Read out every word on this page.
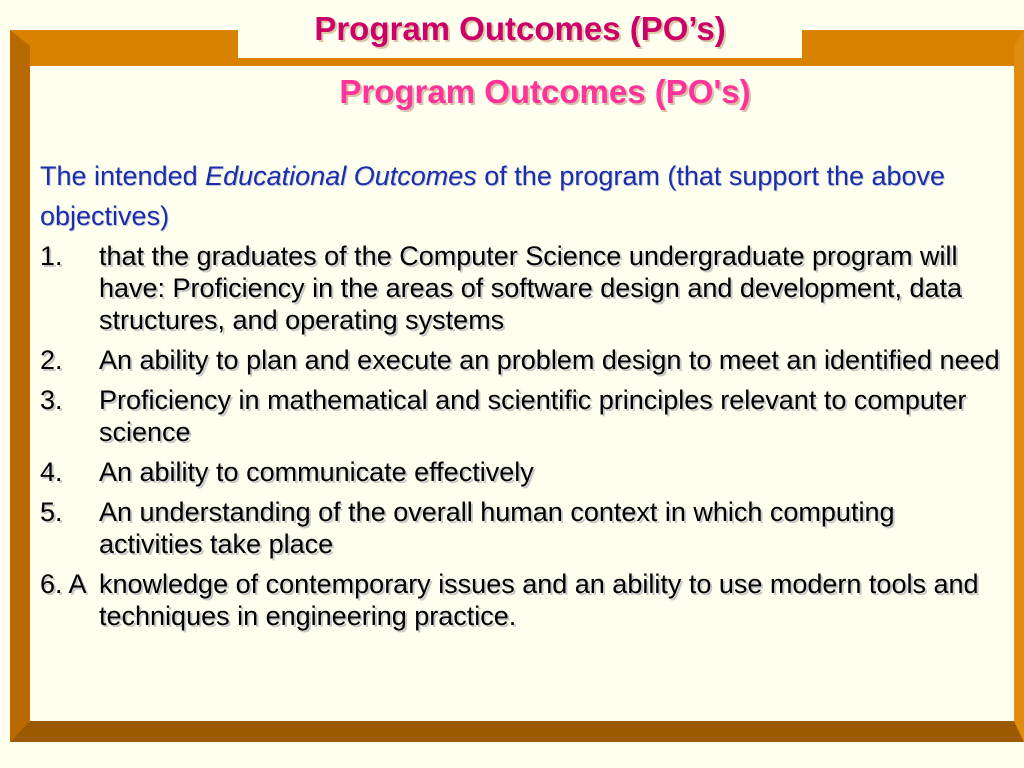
Program Outcomes (PO’s)
Program Outcomes (PO's)
The intended Educational Outcomes of the program (that support the above objectives)
1. that the graduates of the Computer Science undergraduate program will have: Proficiency in the areas of software design and development, data structures, and operating systems
2. An ability to plan and execute an problem design to meet an identified need
3. Proficiency in mathematical and scientific principles relevant to computer science
4. An ability to communicate effectively
5. An understanding of the overall human context in which computing activities take place
6. A knowledge of contemporary issues and an ability to use modern tools and techniques in engineering practice.
